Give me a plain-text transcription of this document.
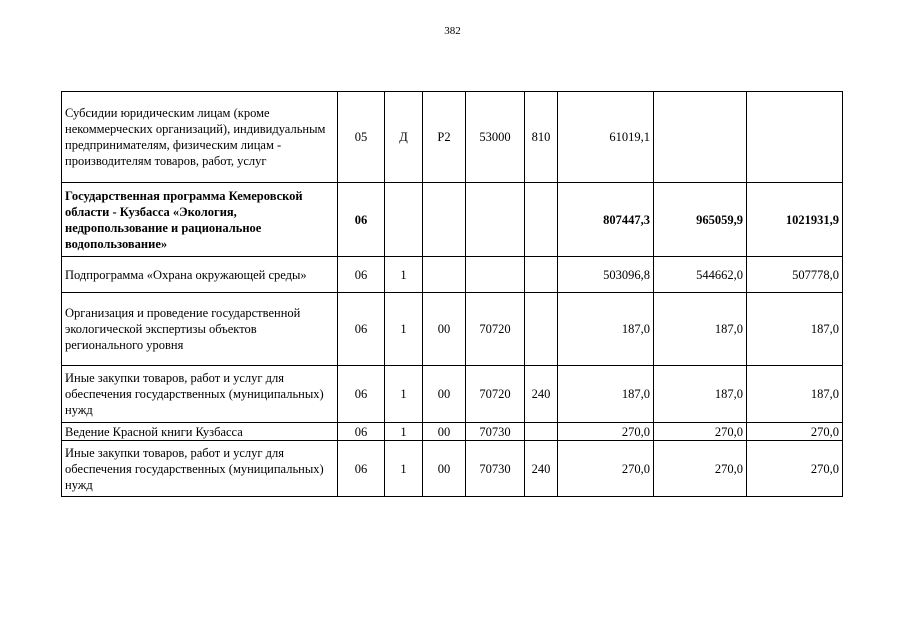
382
Субсидии юридическим лицам (кроме некоммерческих организаций), индивидуальным предпринимателям, физическим лицам - производителям товаров, работ, услуг	05	Д	Р2	53000	810	61019,1		
Государственная программа Кемеровской области - Кузбасса «Экология, недропользование и рациональное водопользование»	06					807447,3	965059,9	1021931,9
Подпрограмма «Охрана окружающей среды»	06	1				503096,8	544662,0	507778,0
Организация и проведение государственной экологической экспертизы объектов регионального уровня	06	1	00	70720		187,0	187,0	187,0
Иные закупки товаров, работ и услуг для обеспечения государственных (муниципальных) нужд	06	1	00	70720	240	187,0	187,0	187,0
Ведение Красной книги Кузбасса	06	1	00	70730		270,0	270,0	270,0
Иные закупки товаров, работ и услуг для обеспечения государственных (муниципальных) нужд	06	1	00	70730	240	270,0	270,0	270,0
